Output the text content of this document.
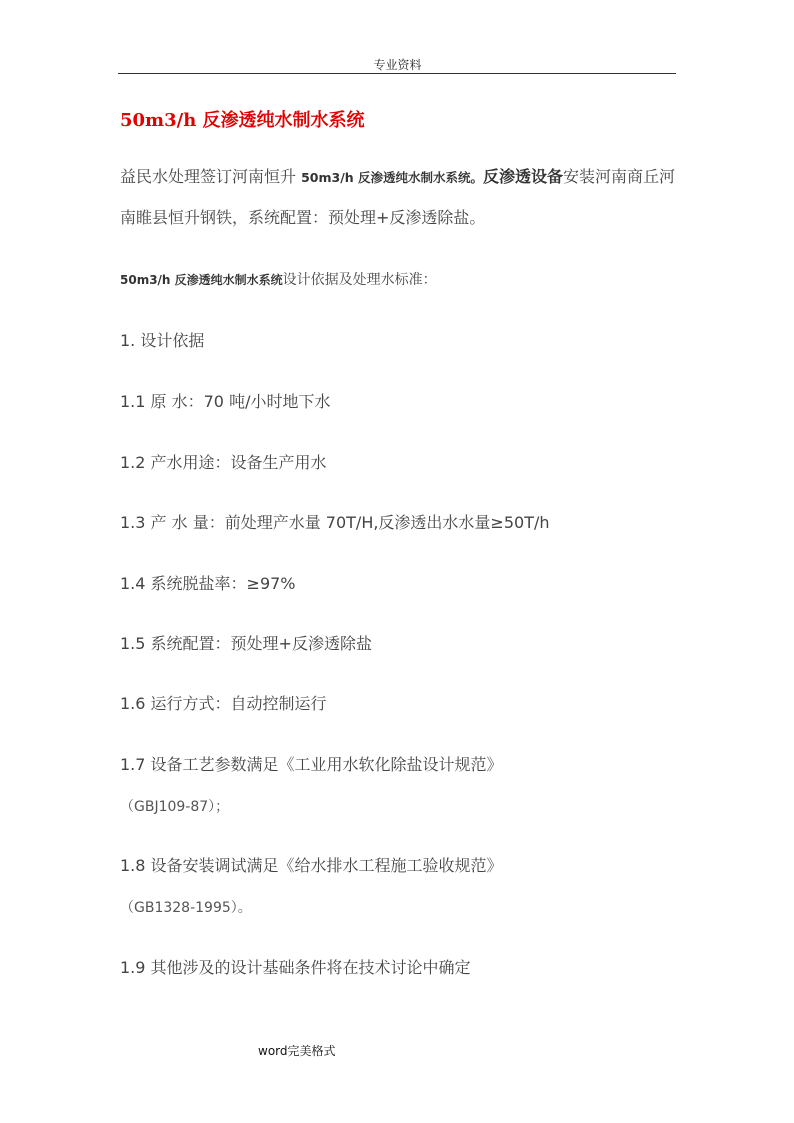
专业资料
50m3/h 反渗透纯水制水系统
益民水处理签订河南恒升 50m3/h 反渗透纯水制水系统。反渗透设备安装河南商丘河南睢县恒升钢铁，系统配置：预处理+反渗透除盐。
50m3/h 反渗透纯水制水系统设计依据及处理水标准：
1. 设计依据
1.1 原 水：70 吨/小时地下水
1.2 产水用途：设备生产用水
1.3 产 水 量：前处理产水量 70T/H,反渗透出水水量≥50T/h
1.4 系统脱盐率：≥97%
1.5 系统配置：预处理+反渗透除盐
1.6 运行方式：自动控制运行
1.7 设备工艺参数满足《工业用水软化除盐设计规范》
（GBJ109-87）；
1.8 设备安装调试满足《给水排水工程施工验收规范》
（GB1328-1995）。
1.9 其他涉及的设计基础条件将在技术讨论中确定
word完美格式
